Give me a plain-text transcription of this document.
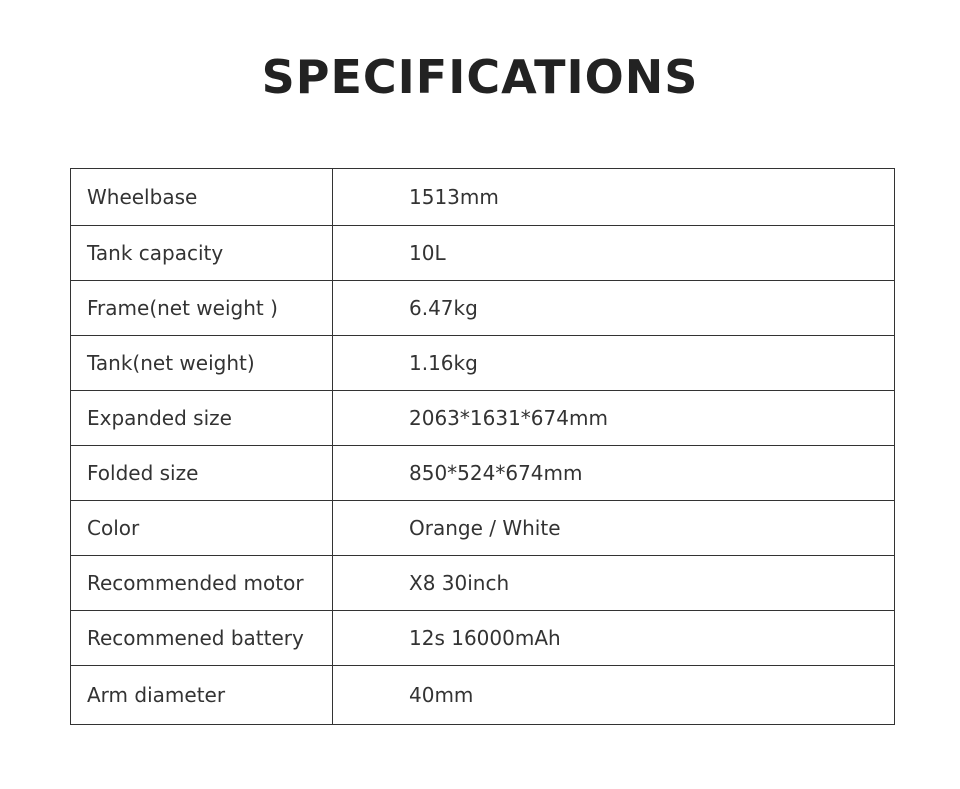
SPECIFICATIONS
Wheelbase	1513mm
Tank capacity	10L
Frame(net weight )	6.47kg
Tank(net weight)	1.16kg
Expanded size	2063*1631*674mm
Folded size	850*524*674mm
Color	Orange / White
Recommended motor	X8 30inch
Recommened battery	12s 16000mAh
Arm diameter	40mm
